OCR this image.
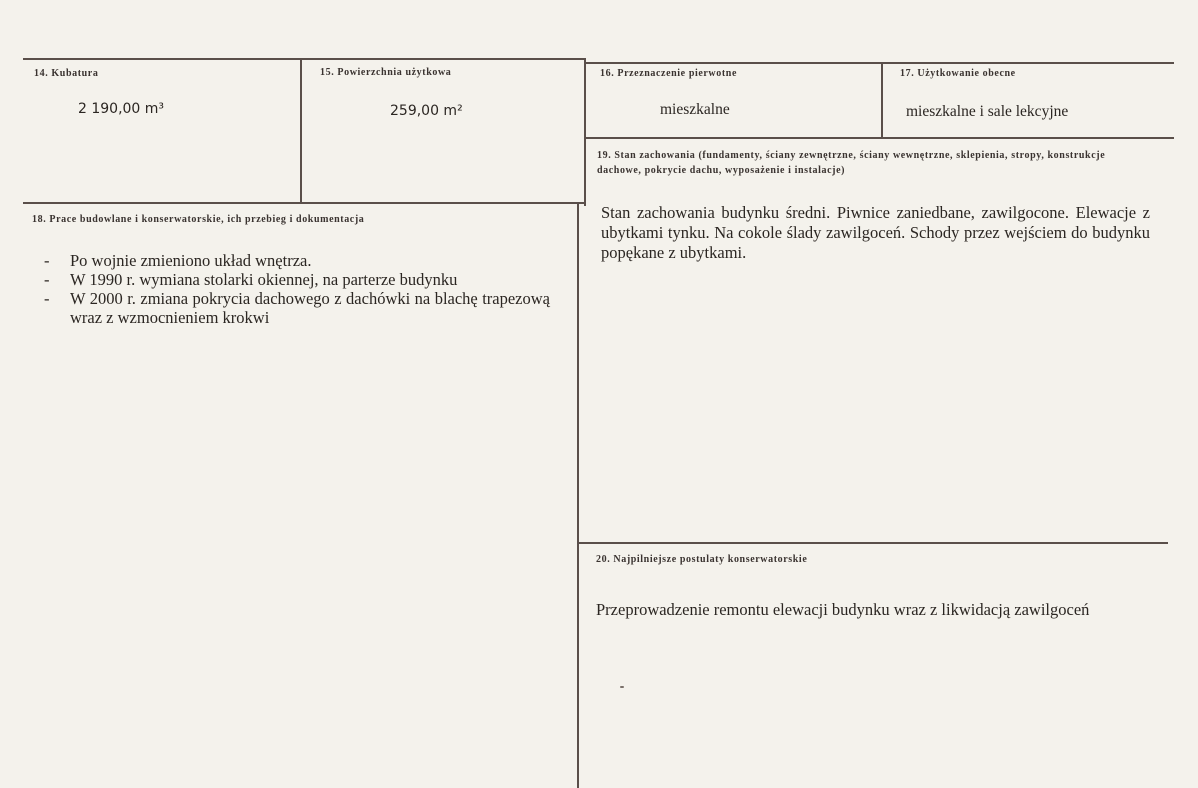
14. Kubatura
2 190,00 m³
15. Powierzchnia użytkowa
259,00 m²
16. Przeznaczenie pierwotne
mieszkalne
17. Użytkowanie obecne
mieszkalne i sale lekcyjne
18. Prace budowlane i konserwatorskie, ich przebieg i dokumentacja
- Po wojnie zmieniono układ wnętrza.
- W 1990 r. wymiana stolarki okiennej, na parterze budynku
- W 2000 r. zmiana pokrycia dachowego z dachówki na blachę trapezową wraz z wzmocnieniem krokwi
19. Stan zachowania (fundamenty, ściany zewnętrzne, ściany wewnętrzne, sklepienia, stropy, konstrukcje dachowe, pokrycie dachu, wyposażenie i instalacje)
Stan zachowania budynku średni. Piwnice zaniedbane, zawilgocone. Elewacje z ubytkami tynku. Na cokole ślady zawilgoceń. Schody przez wejściem do budynku popękane z ubytkami.
20. Najpilniejsze postulaty konserwatorskie
Przeprowadzenie remontu elewacji budynku wraz z likwidacją zawilgoceń
